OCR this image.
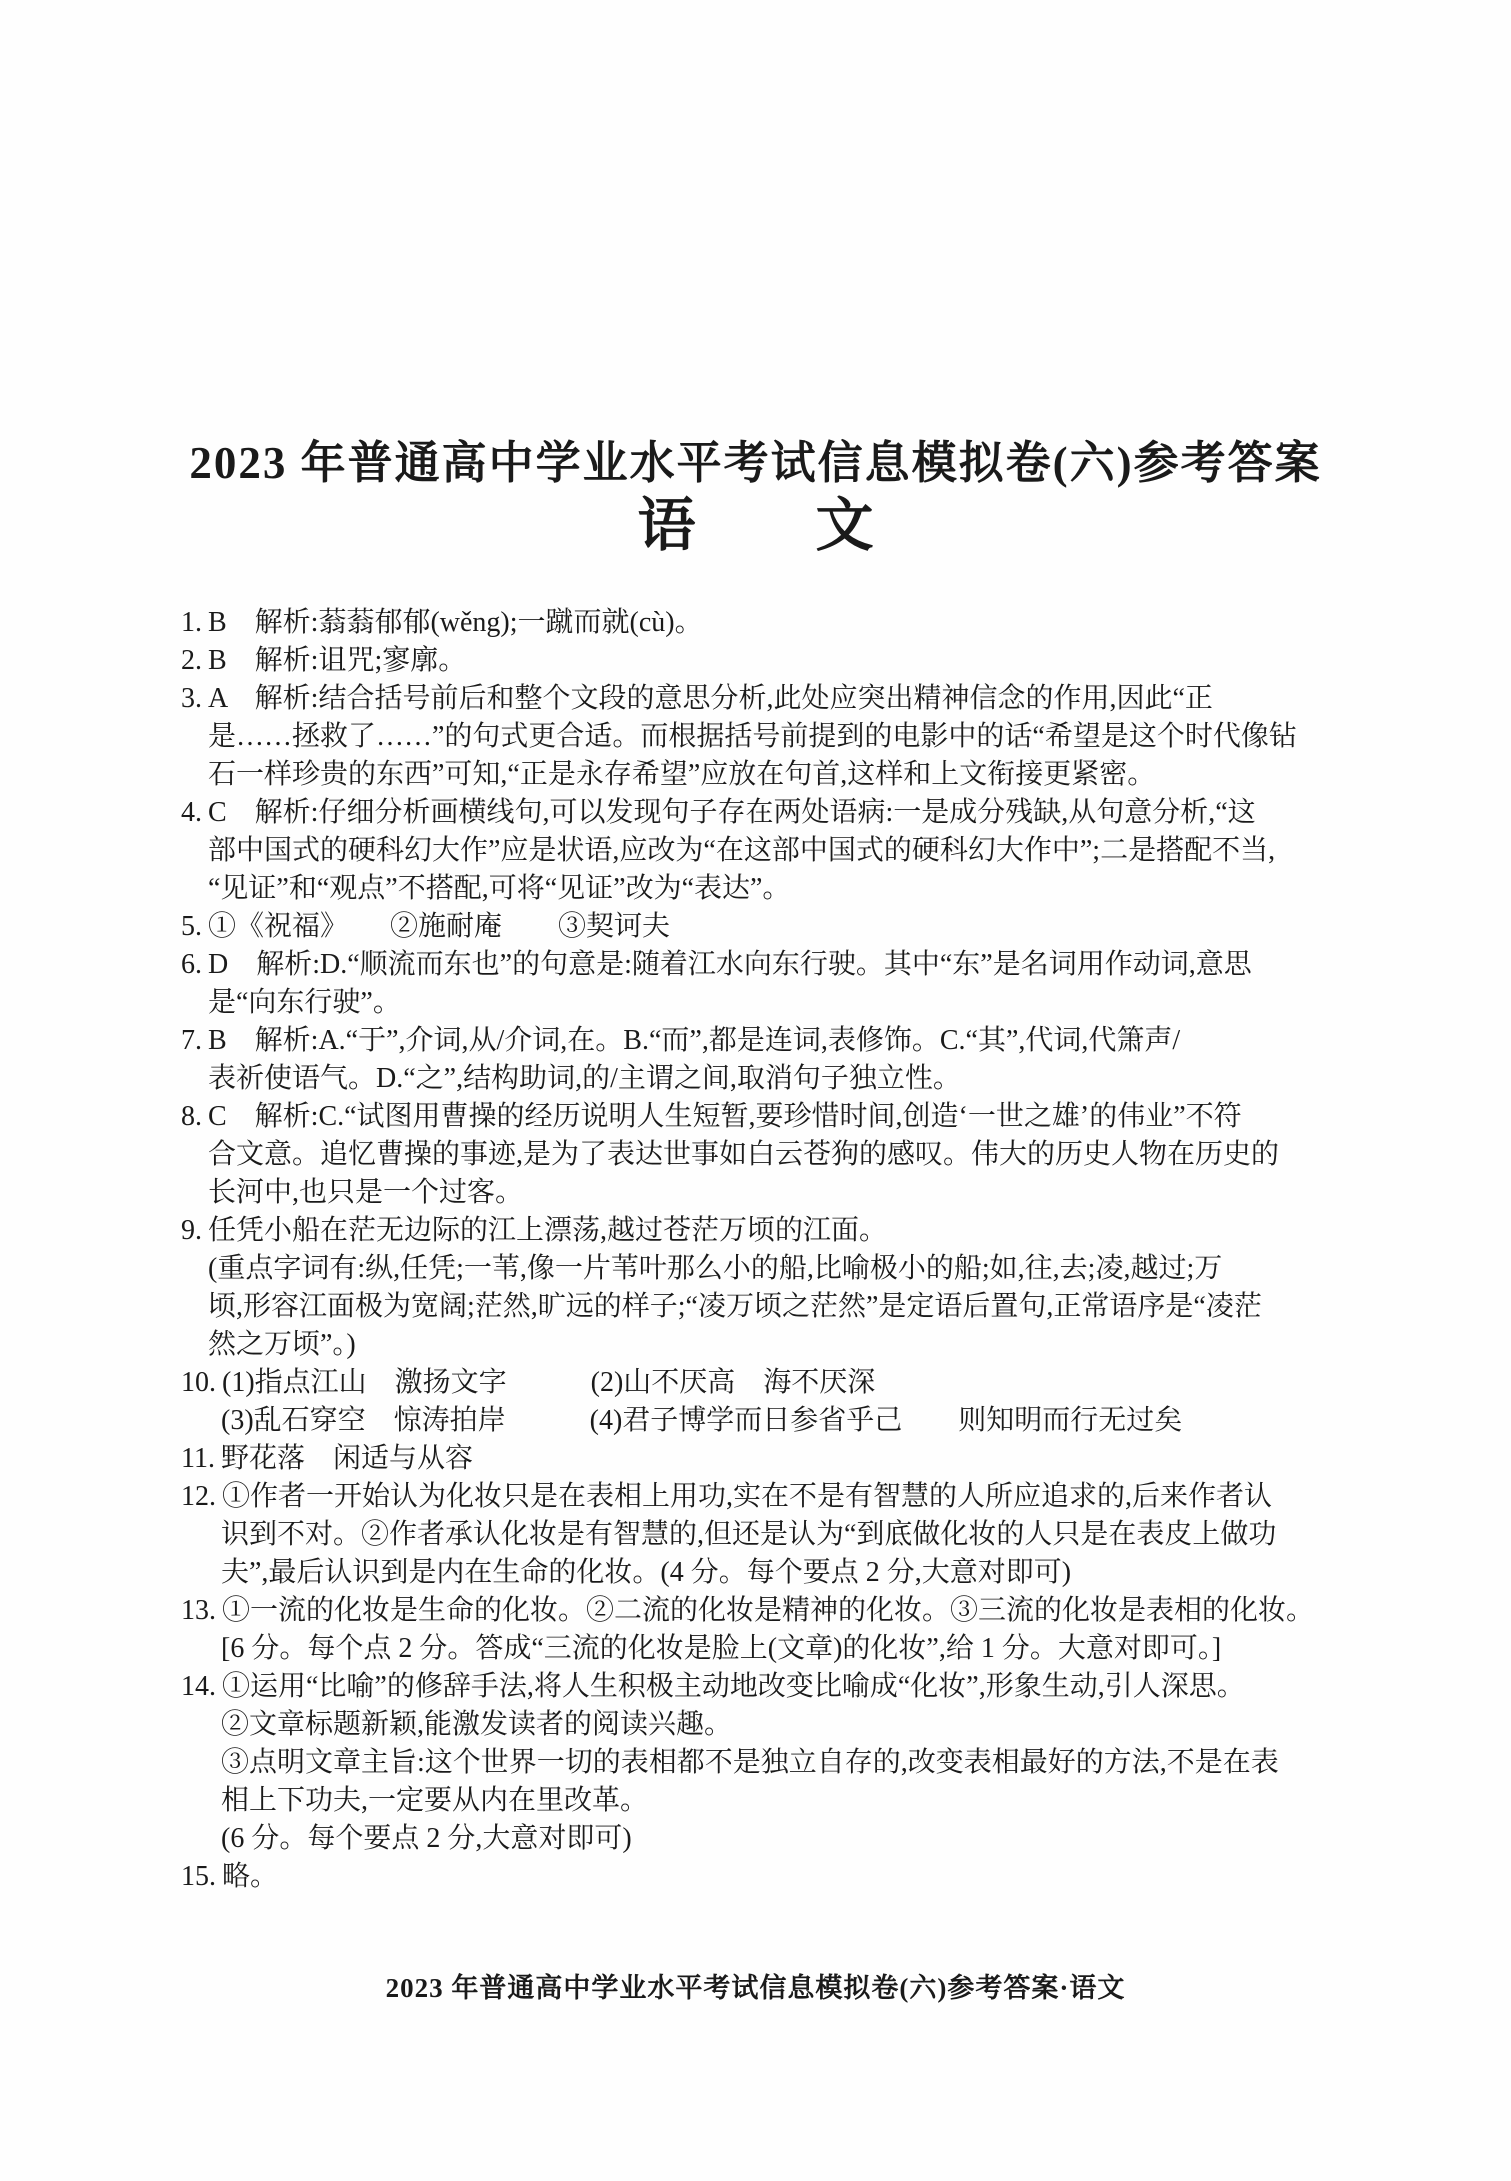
2023 年普通高中学业水平考试信息模拟卷(六)参考答案
语 文
1. B　解析:蓊蓊郁郁(wěng);一蹴而就(cù)。
2. B　解析:诅咒;寥廓。
3. A　解析:结合括号前后和整个文段的意思分析,此处应突出精神信念的作用,因此“正
是……拯救了……”的句式更合适。而根据括号前提到的电影中的话“希望是这个时代像钻
石一样珍贵的东西”可知,“正是永存希望”应放在句首,这样和上文衔接更紧密。
4. C　解析:仔细分析画横线句,可以发现句子存在两处语病:一是成分残缺,从句意分析,“这
部中国式的硬科幻大作”应是状语,应改为“在这部中国式的硬科幻大作中”;二是搭配不当,
“见证”和“观点”不搭配,可将“见证”改为“表达”。
5. ①《祝福》　　②施耐庵　　③契诃夫
6. D　解析:D.“顺流而东也”的句意是:随着江水向东行驶。其中“东”是名词用作动词,意思
是“向东行驶”。
7. B　解析:A.“于”,介词,从/介词,在。B.“而”,都是连词,表修饰。C.“其”,代词,代箫声/
表祈使语气。D.“之”,结构助词,的/主谓之间,取消句子独立性。
8. C　解析:C.“试图用曹操的经历说明人生短暂,要珍惜时间,创造‘一世之雄’的伟业”不符
合文意。追忆曹操的事迹,是为了表达世事如白云苍狗的感叹。伟大的历史人物在历史的
长河中,也只是一个过客。
9. 任凭小船在茫无边际的江上漂荡,越过苍茫万顷的江面。
(重点字词有:纵,任凭;一苇,像一片苇叶那么小的船,比喻极小的船;如,往,去;凌,越过;万
顷,形容江面极为宽阔;茫然,旷远的样子;“凌万顷之茫然”是定语后置句,正常语序是“凌茫
然之万顷”。)
10. (1)指点江山　激扬文字　　　(2)山不厌高　海不厌深
(3)乱石穿空　惊涛拍岸　　　(4)君子博学而日参省乎己　　则知明而行无过矣
11. 野花落　闲适与从容
12. ①作者一开始认为化妆只是在表相上用功,实在不是有智慧的人所应追求的,后来作者认
识到不对。②作者承认化妆是有智慧的,但还是认为“到底做化妆的人只是在表皮上做功
夫”,最后认识到是内在生命的化妆。(4 分。每个要点 2 分,大意对即可)
13. ①一流的化妆是生命的化妆。②二流的化妆是精神的化妆。③三流的化妆是表相的化妆。
[6 分。每个点 2 分。答成“三流的化妆是脸上(文章)的化妆”,给 1 分。大意对即可。]
14. ①运用“比喻”的修辞手法,将人生积极主动地改变比喻成“化妆”,形象生动,引人深思。
②文章标题新颖,能激发读者的阅读兴趣。
③点明文章主旨:这个世界一切的表相都不是独立自存的,改变表相最好的方法,不是在表
相上下功夫,一定要从内在里改革。
(6 分。每个要点 2 分,大意对即可)
15. 略。
2023 年普通高中学业水平考试信息模拟卷(六)参考答案·语文
